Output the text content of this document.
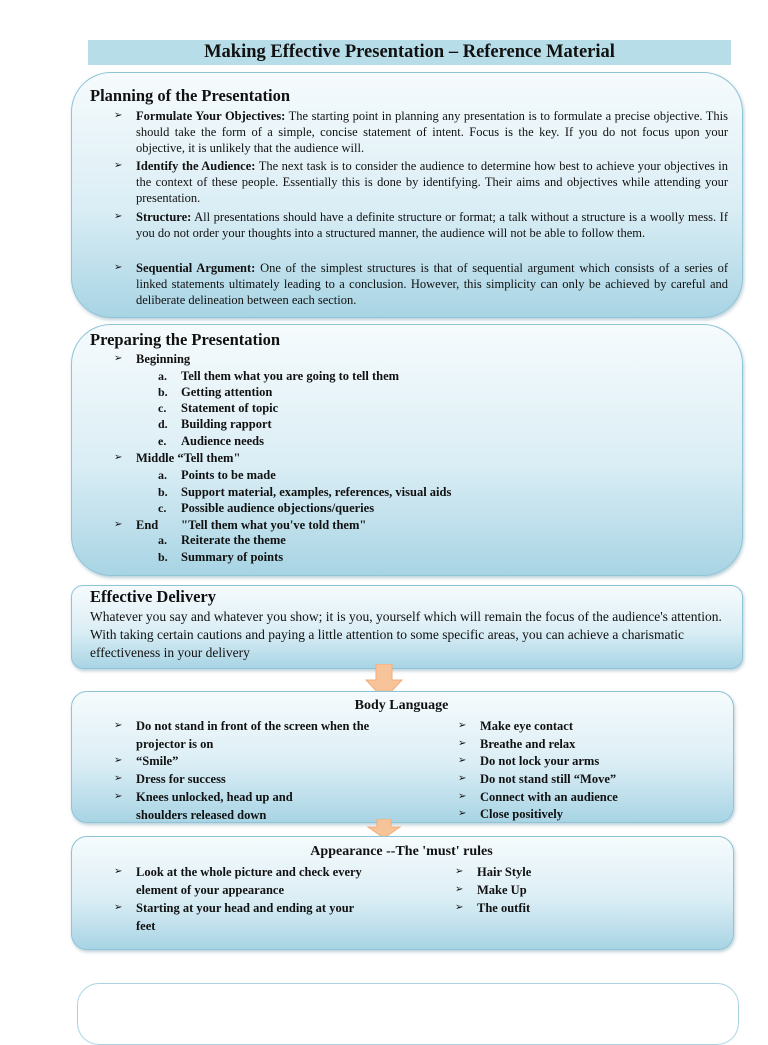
Making Effective Presentation – Reference Material
Planning of the Presentation
➢ Formulate Your Objectives: The starting point in planning any presentation is to formulate a precise objective. This should take the form of a simple, concise statement of intent. Focus is the key. If you do not focus upon your objective, it is unlikely that the audience will.
➢ Identify the Audience: The next task is to consider the audience to determine how best to achieve your objectives in the context of these people. Essentially this is done by identifying. Their aims and objectives while attending your presentation.
➢ Structure: All presentations should have a definite structure or format; a talk without a structure is a woolly mess. If you do not order your thoughts into a structured manner, the audience will not be able to follow them.
➢ Sequential Argument: One of the simplest structures is that of sequential argument which consists of a series of linked statements ultimately leading to a conclusion. However, this simplicity can only be achieved by careful and deliberate delineation between each section.
Preparing the Presentation
➢ Beginning
a. Tell them what you are going to tell them
b. Getting attention
c. Statement of topic
d. Building rapport
e. Audience needs
➢ Middle “Tell them"
a. Points to be made
b. Support material, examples, references, visual aids
c. Possible audience objections/queries
➢ End "Tell them what you've told them"
a. Reiterate the theme
b. Summary of points
Effective Delivery
Whatever you say and whatever you show; it is you, yourself which will remain the focus of the audience's attention. With taking certain cautions and paying a little attention to some specific areas, you can achieve a charismatic effectiveness in your delivery
Body Language
➢ Do not stand in front of the screen when the projector is on
➢ “Smile”
➢ Dress for success
➢ Knees unlocked, head up and shoulders released down
➢ Make eye contact
➢ Breathe and relax
➢ Do not lock your arms
➢ Do not stand still “Move”
➢ Connect with an audience
➢ Close positively
Appearance --The 'must' rules
➢ Look at the whole picture and check every element of your appearance
➢ Starting at your head and ending at your feet
➢ Hair Style
➢ Make Up
➢ The outfit
